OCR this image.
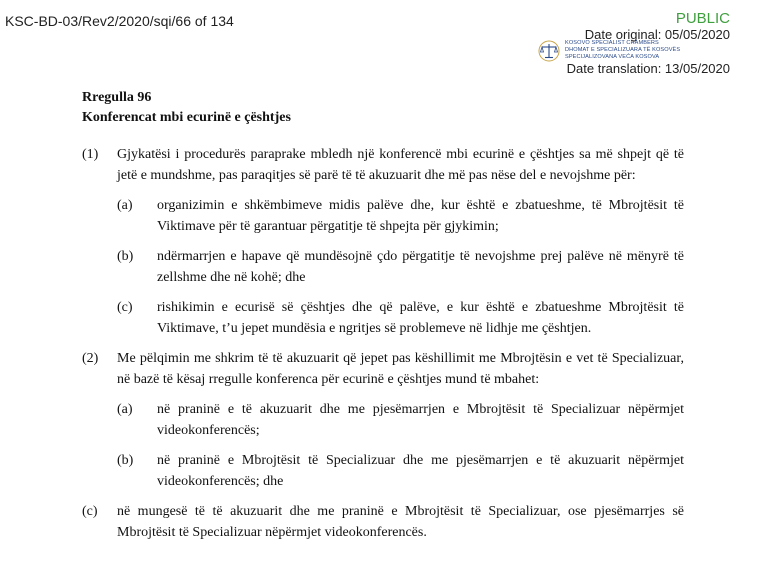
KSC-BD-03/Rev2/2020/sqi/66 of 134	PUBLIC
Date original: 05/05/2020
KOSOVO SPECIALIST CHAMBERS
DHOMAT E SPECIALIZUARA TË KOSOVËS
SPECIJALIZOVANA VEĆA KOSOVA
Date translation: 13/05/2020
Rregulla 96
Konferencat mbi ecurinë e çështjes
(1) Gjykatësi i procedurës paraprake mbledh një konferencë mbi ecurinë e çështjes sa më shpejt që të jetë e mundshme, pas paraqitjes së parë të të akuzuarit dhe më pas nëse del e nevojshme për:
(a) organizimin e shkëmbimeve midis palëve dhe, kur është e zbatueshme, të Mbrojtësit të Viktimave për të garantuar përgatitje të shpejta për gjykimin;
(b) ndërmarrjen e hapave që mundësojnë çdo përgatitje të nevojshme prej palëve në mënyrë të zellshme dhe në kohë; dhe
(c) rishikimin e ecurisë së çështjes dhe që palëve, e kur është e zbatueshme Mbrojtësit të Viktimave, t’u jepet mundësia e ngritjes së problemeve në lidhje me çështjen.
(2) Me pëlqimin me shkrim të të akuzuarit që jepet pas këshillimit me Mbrojtësin e vet të Specializuar, në bazë të kësaj rregulle konferenca për ecurinë e çështjes mund të mbahet:
(a) në praninë e të akuzuarit dhe me pjesëmarrjen e Mbrojtësit të Specializuar nëpërmjet videokonferencës;
(b) në praninë e Mbrojtësit të Specializuar dhe me pjesëmarrjen e të akuzuarit nëpërmjet videokonferencës; dhe
(c) në mungesë të të akuzuarit dhe me praninë e Mbrojtësit të Specializuar, ose pjesëmarrjes së Mbrojtësit të Specializuar nëpërmjet videokonferencës.
